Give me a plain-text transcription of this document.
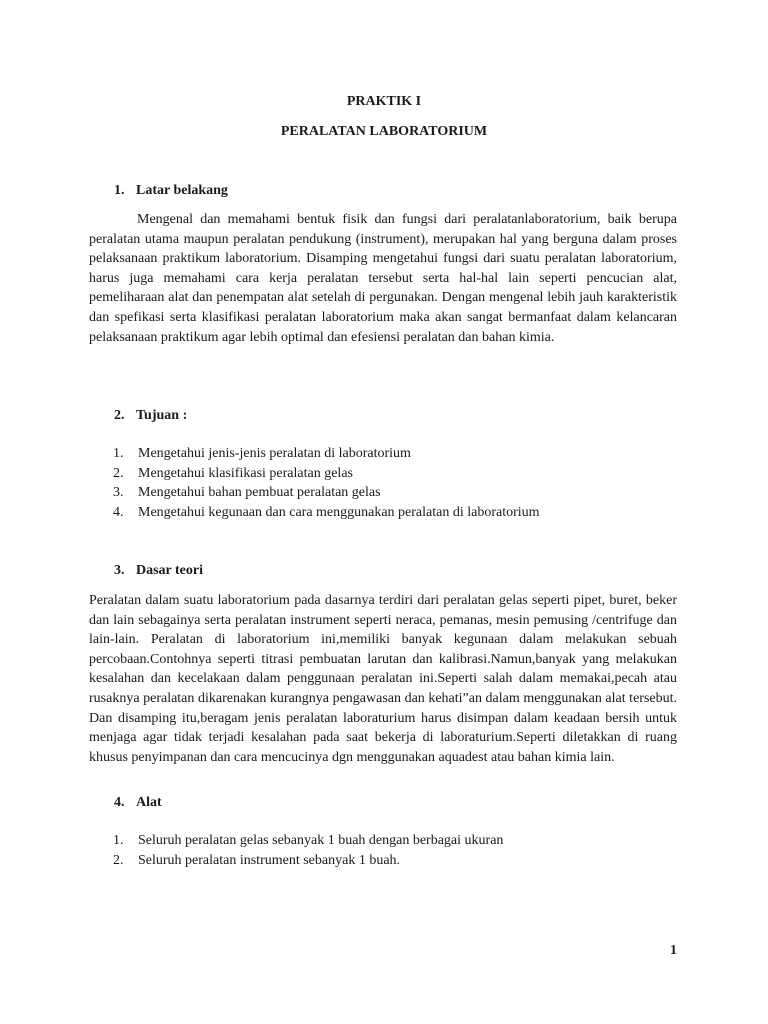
PRAKTIK I
PERALATAN LABORATORIUM
1. Latar belakang

Mengenal dan memahami bentuk fisik dan fungsi dari peralatanlaboratorium, baik berupa peralatan utama maupun peralatan pendukung (instrument), merupakan hal yang berguna dalam proses pelaksanaan praktikum laboratorium. Disamping mengetahui fungsi dari suatu peralatan laboratorium, harus juga memahami cara kerja peralatan tersebut serta hal-hal lain seperti pencucian alat, pemeliharaan alat dan penempatan alat setelah di pergunakan. Dengan mengenal lebih jauh karakteristik dan spefikasi serta klasifikasi peralatan laboratorium maka akan sangat bermanfaat dalam kelancaran pelaksanaan praktikum agar lebih optimal dan efesiensi peralatan dan bahan kimia.

2. Tujuan :
1. Mengetahui jenis-jenis peralatan di laboratorium
2. Mengetahui klasifikasi peralatan gelas
3. Mengetahui bahan pembuat peralatan gelas
4. Mengetahui kegunaan dan cara menggunakan peralatan di laboratorium
3. Dasar teori

Peralatan dalam suatu laboratorium pada dasarnya terdiri dari peralatan gelas seperti pipet, buret, beker dan lain sebagainya serta peralatan instrument seperti neraca, pemanas, mesin pemusing /centrifuge dan lain-lain. Peralatan di laboratorium ini,memiliki banyak kegunaan dalam melakukan sebuah percobaan.Contohnya seperti titrasi pembuatan larutan dan kalibrasi.Namun,banyak yang melakukan kesalahan dan kecelakaan dalam penggunaan peralatan ini.Seperti salah dalam memakai,pecah atau rusaknya peralatan dikarenakan kurangnya pengawasan dan kehati”an dalam menggunakan alat tersebut. Dan disamping itu,beragam jenis peralatan laboraturium harus disimpan dalam keadaan bersih untuk menjaga agar tidak terjadi kesalahan pada saat bekerja di laboraturium.Seperti diletakkan di ruang khusus penyimpanan dan cara mencucinya dgn menggunakan aquadest atau bahan kimia lain.

4. Alat
1. Seluruh peralatan gelas sebanyak 1 buah dengan berbagai ukuran
2. Seluruh peralatan instrument sebanyak 1 buah.
1
